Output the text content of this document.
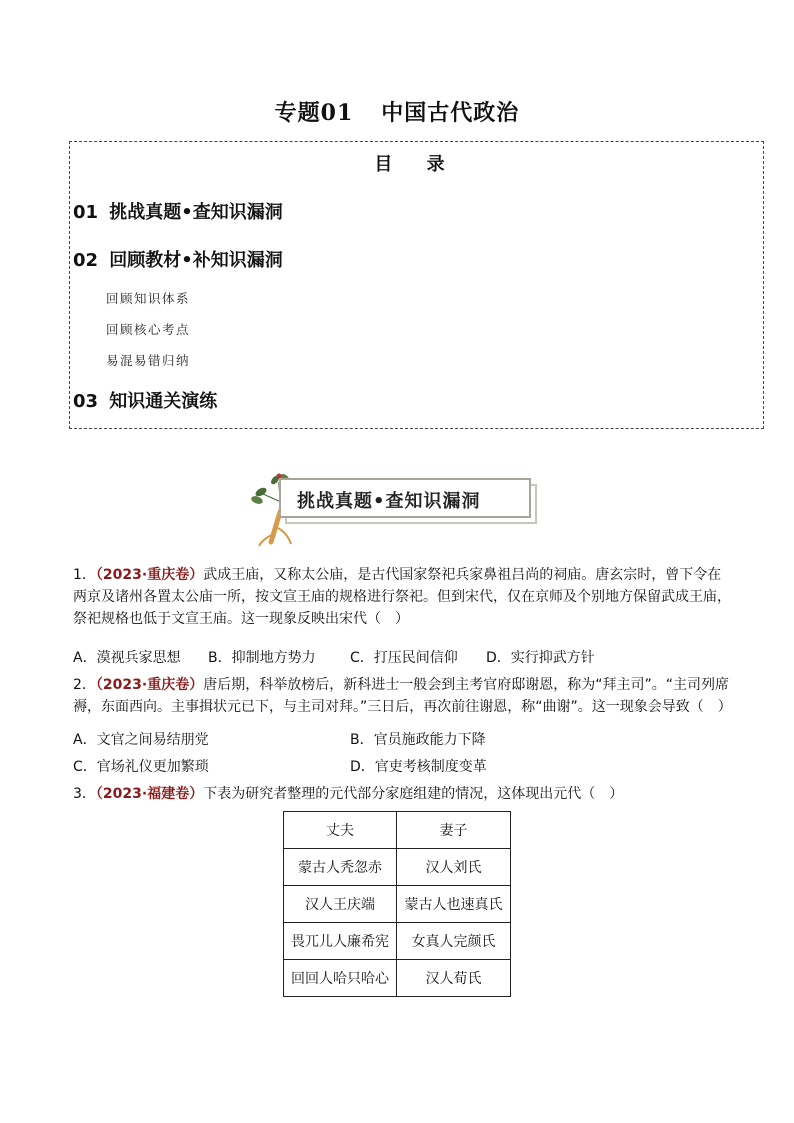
专题01 中国古代政治
目 录
01 挑战真题•查知识漏洞
02 回顾教材•补知识漏洞
回顾知识体系
回顾核心考点
易混易错归纳
03 知识通关演练
挑战真题•查知识漏洞
1．（2023·重庆卷）武成王庙，又称太公庙，是古代国家祭祀兵家鼻祖吕尚的祠庙。唐玄宗时，曾下令在两京及诸州各置太公庙一所，按文宣王庙的规格进行祭祀。但到宋代，仅在京师及个别地方保留武成王庙，祭祀规格也低于文宣王庙。这一现象反映出宋代（　）
A．漠视兵家思想 B．抑制地方势力 C．打压民间信仰 D．实行抑武方针
2．（2023·重庆卷）唐后期，科举放榜后，新科进士一般会到主考官府邸谢恩，称为“拜主司”。“主司列席褥，东面西向。主事揖状元已下，与主司对拜。”三日后，再次前往谢恩，称“曲谢”。这一现象会导致（　）
A．文官之间易结朋党	B．官员施政能力下降
C．官场礼仪更加繁琐	D．官吏考核制度变革
3．（2023·福建卷）下表为研究者整理的元代部分家庭组建的情况，这体现出元代（　）
丈夫	妻子
蒙古人秃忽赤	汉人刘氏
汉人王庆端	蒙古人也速真氏
畏兀儿人廉希宪	女真人完颜氏
回回人哈只哈心	汉人荀氏
